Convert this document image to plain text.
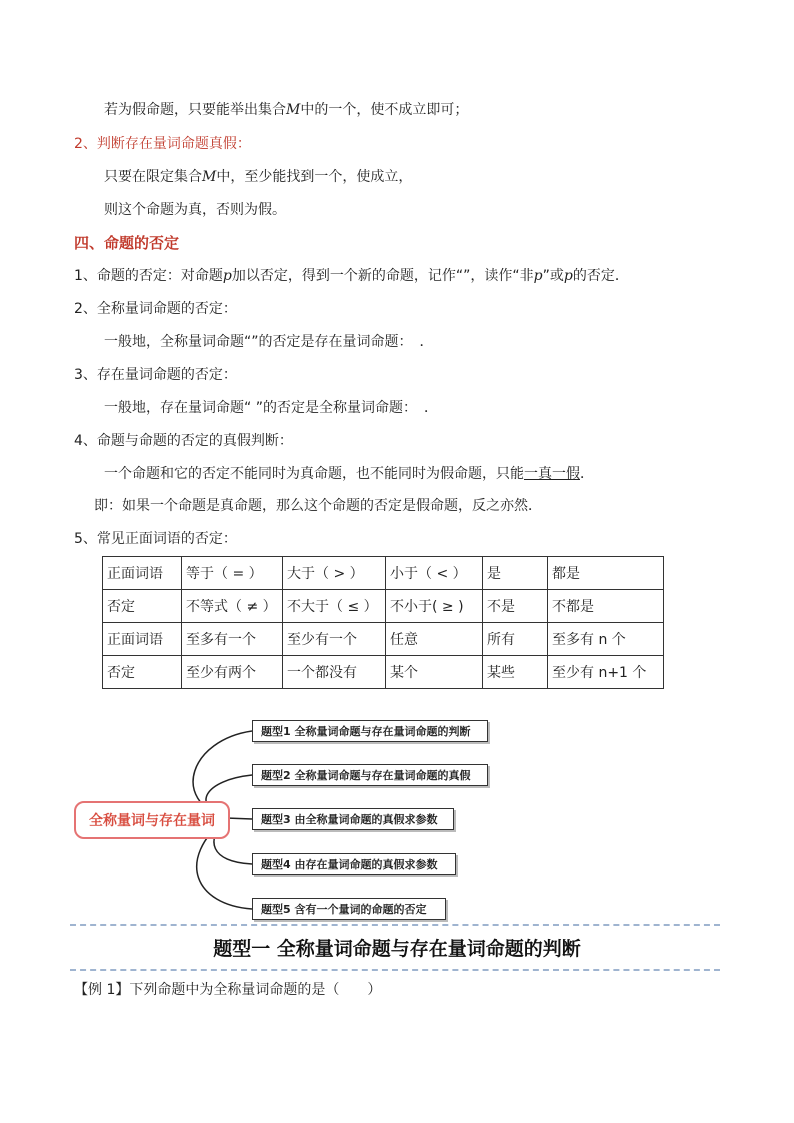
若为假命题，只要能举出集合M中的一个，使不成立即可；
2、判断存在量词命题真假：
只要在限定集合M中，至少能找到一个，使成立，
则这个命题为真，否则为假。
四、命题的否定
1、命题的否定：对命题p加以否定，得到一个新的命题，记作“”，读作“非p”或p的否定．
2、全称量词命题的否定：
一般地，全称量词命题“”的否定是存在量词命题：　．
3、存在量词命题的否定：
一般地，存在量词命题“ ”的否定是全称量词命题：　．
4、命题与命题的否定的真假判断：
一个命题和它的否定不能同时为真命题，也不能同时为假命题，只能一真一假．
即：如果一个命题是真命题，那么这个命题的否定是假命题，反之亦然．
5、常见正面词语的否定：
正面词语	等于（ = ）	大于（ > ）	小于（ < ）	是	都是
否定	不等式（ ≠ ）	不大于（ ≤ ）	不小于( ≥ )	不是	不都是
正面词语	至多有一个	至少有一个	任意	所有	至多有 n 个
否定	至少有两个	一个都没有	某个	某些	至少有 n+1 个
全称量词与存在量词
题型1 全称量词命题与存在量词命题的判断
题型2 全称量词命题与存在量词命题的真假
题型3 由全称量词命题的真假求参数
题型4 由存在量词命题的真假求参数
题型5 含有一个量词的命题的否定
题型一 全称量词命题与存在量词命题的判断
【例 1】下列命题中为全称量词命题的是（　　）
